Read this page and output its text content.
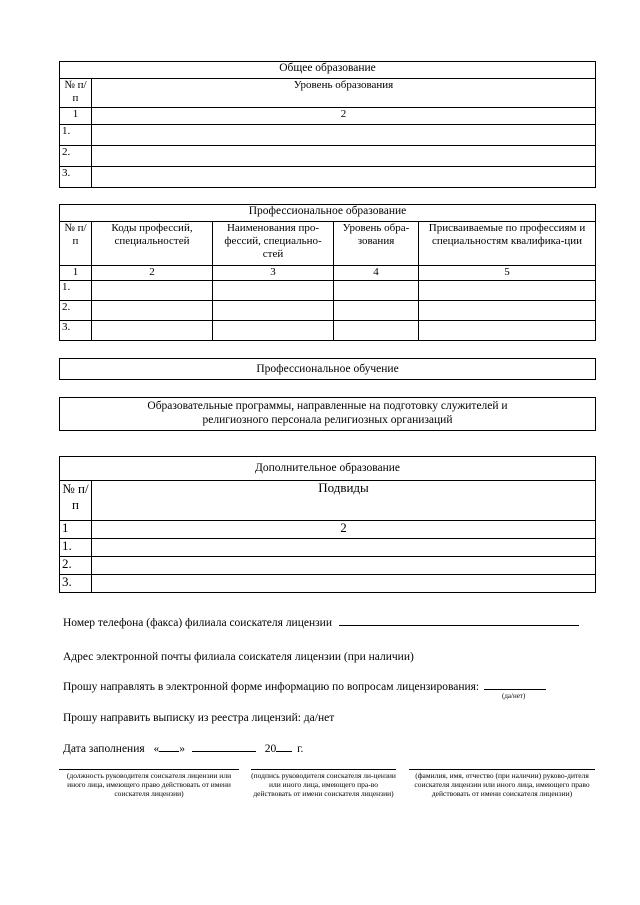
Общее образование	
№ п/п	Уровень образования
1	2
1.	
2.	
3.	
Профессиональное образование				
№ п/п	Коды профессий, специальностей	Наименования про-фессий, специально-стей	Уровень обра-зования	Присваиваемые по профессиям и специальностям квалифика-ции
1	2	3	4	5
1.				
2.				
3.				
Профессиональное обучение
Образовательные программы, направленные на подготовку служителей и религиозного персонала религиозных организаций
Дополнительное образование	
№ п/п	Подвиды
1	2
1.	
2.	
3.	
Номер телефона (факса) филиала соискателя лицензии
Адрес электронной почты филиала соискателя лицензии (при наличии)
Прошу направлять в электронной форме информацию по вопросам лицензирования:
(да/нет)
Прошу направить выписку из реестра лицензий: да/нет
Дата заполнения « »	20 г.
(должность руководителя соискателя лицензии или иного лица, имеющего право действовать от имени соискателя лицензии)
(подпись руководителя соискателя ли-цензии или иного лица, имеющего пра-во действовать от имени соискателя лицензии)
(фамилия, имя, отчество (при наличии) руково-дителя соискателя лицензии или иного лица, имеющего право действовать от имени соискателя лицензии)
